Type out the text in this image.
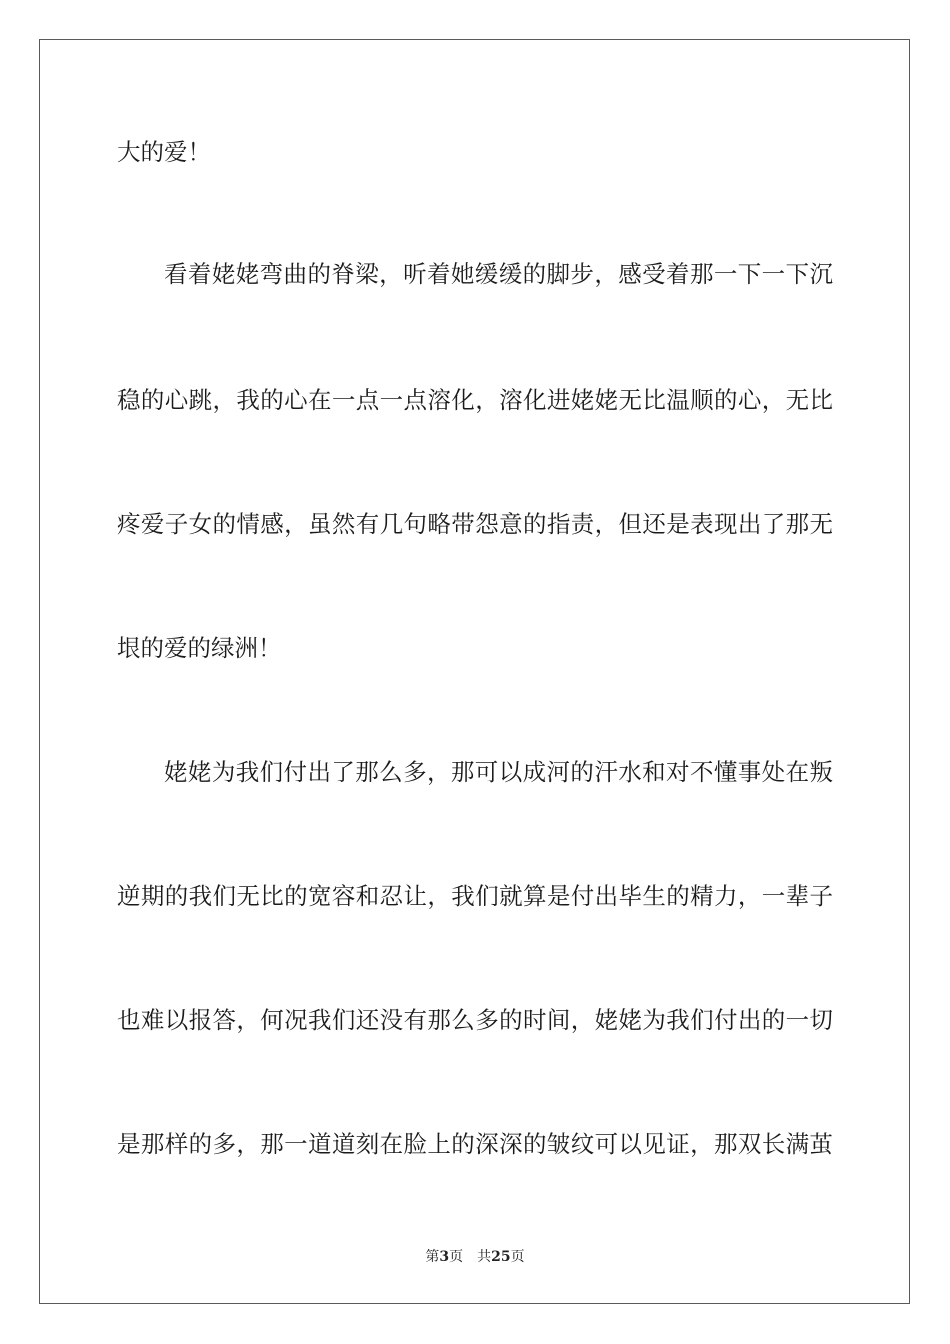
大的爱！
看着姥姥弯曲的脊梁，听着她缓缓的脚步，感受着那一下一下沉
稳的心跳，我的心在一点一点溶化，溶化进姥姥无比温顺的心，无比
疼爱子女的情感，虽然有几句略带怨意的指责，但还是表现出了那无
垠的爱的绿洲！
姥姥为我们付出了那么多，那可以成河的汗水和对不懂事处在叛
逆期的我们无比的宽容和忍让，我们就算是付出毕生的精力，一辈子
也难以报答，何况我们还没有那么多的时间，姥姥为我们付出的一切
是那样的多，那一道道刻在脸上的深深的皱纹可以见证，那双长满茧
第3页 共25页
